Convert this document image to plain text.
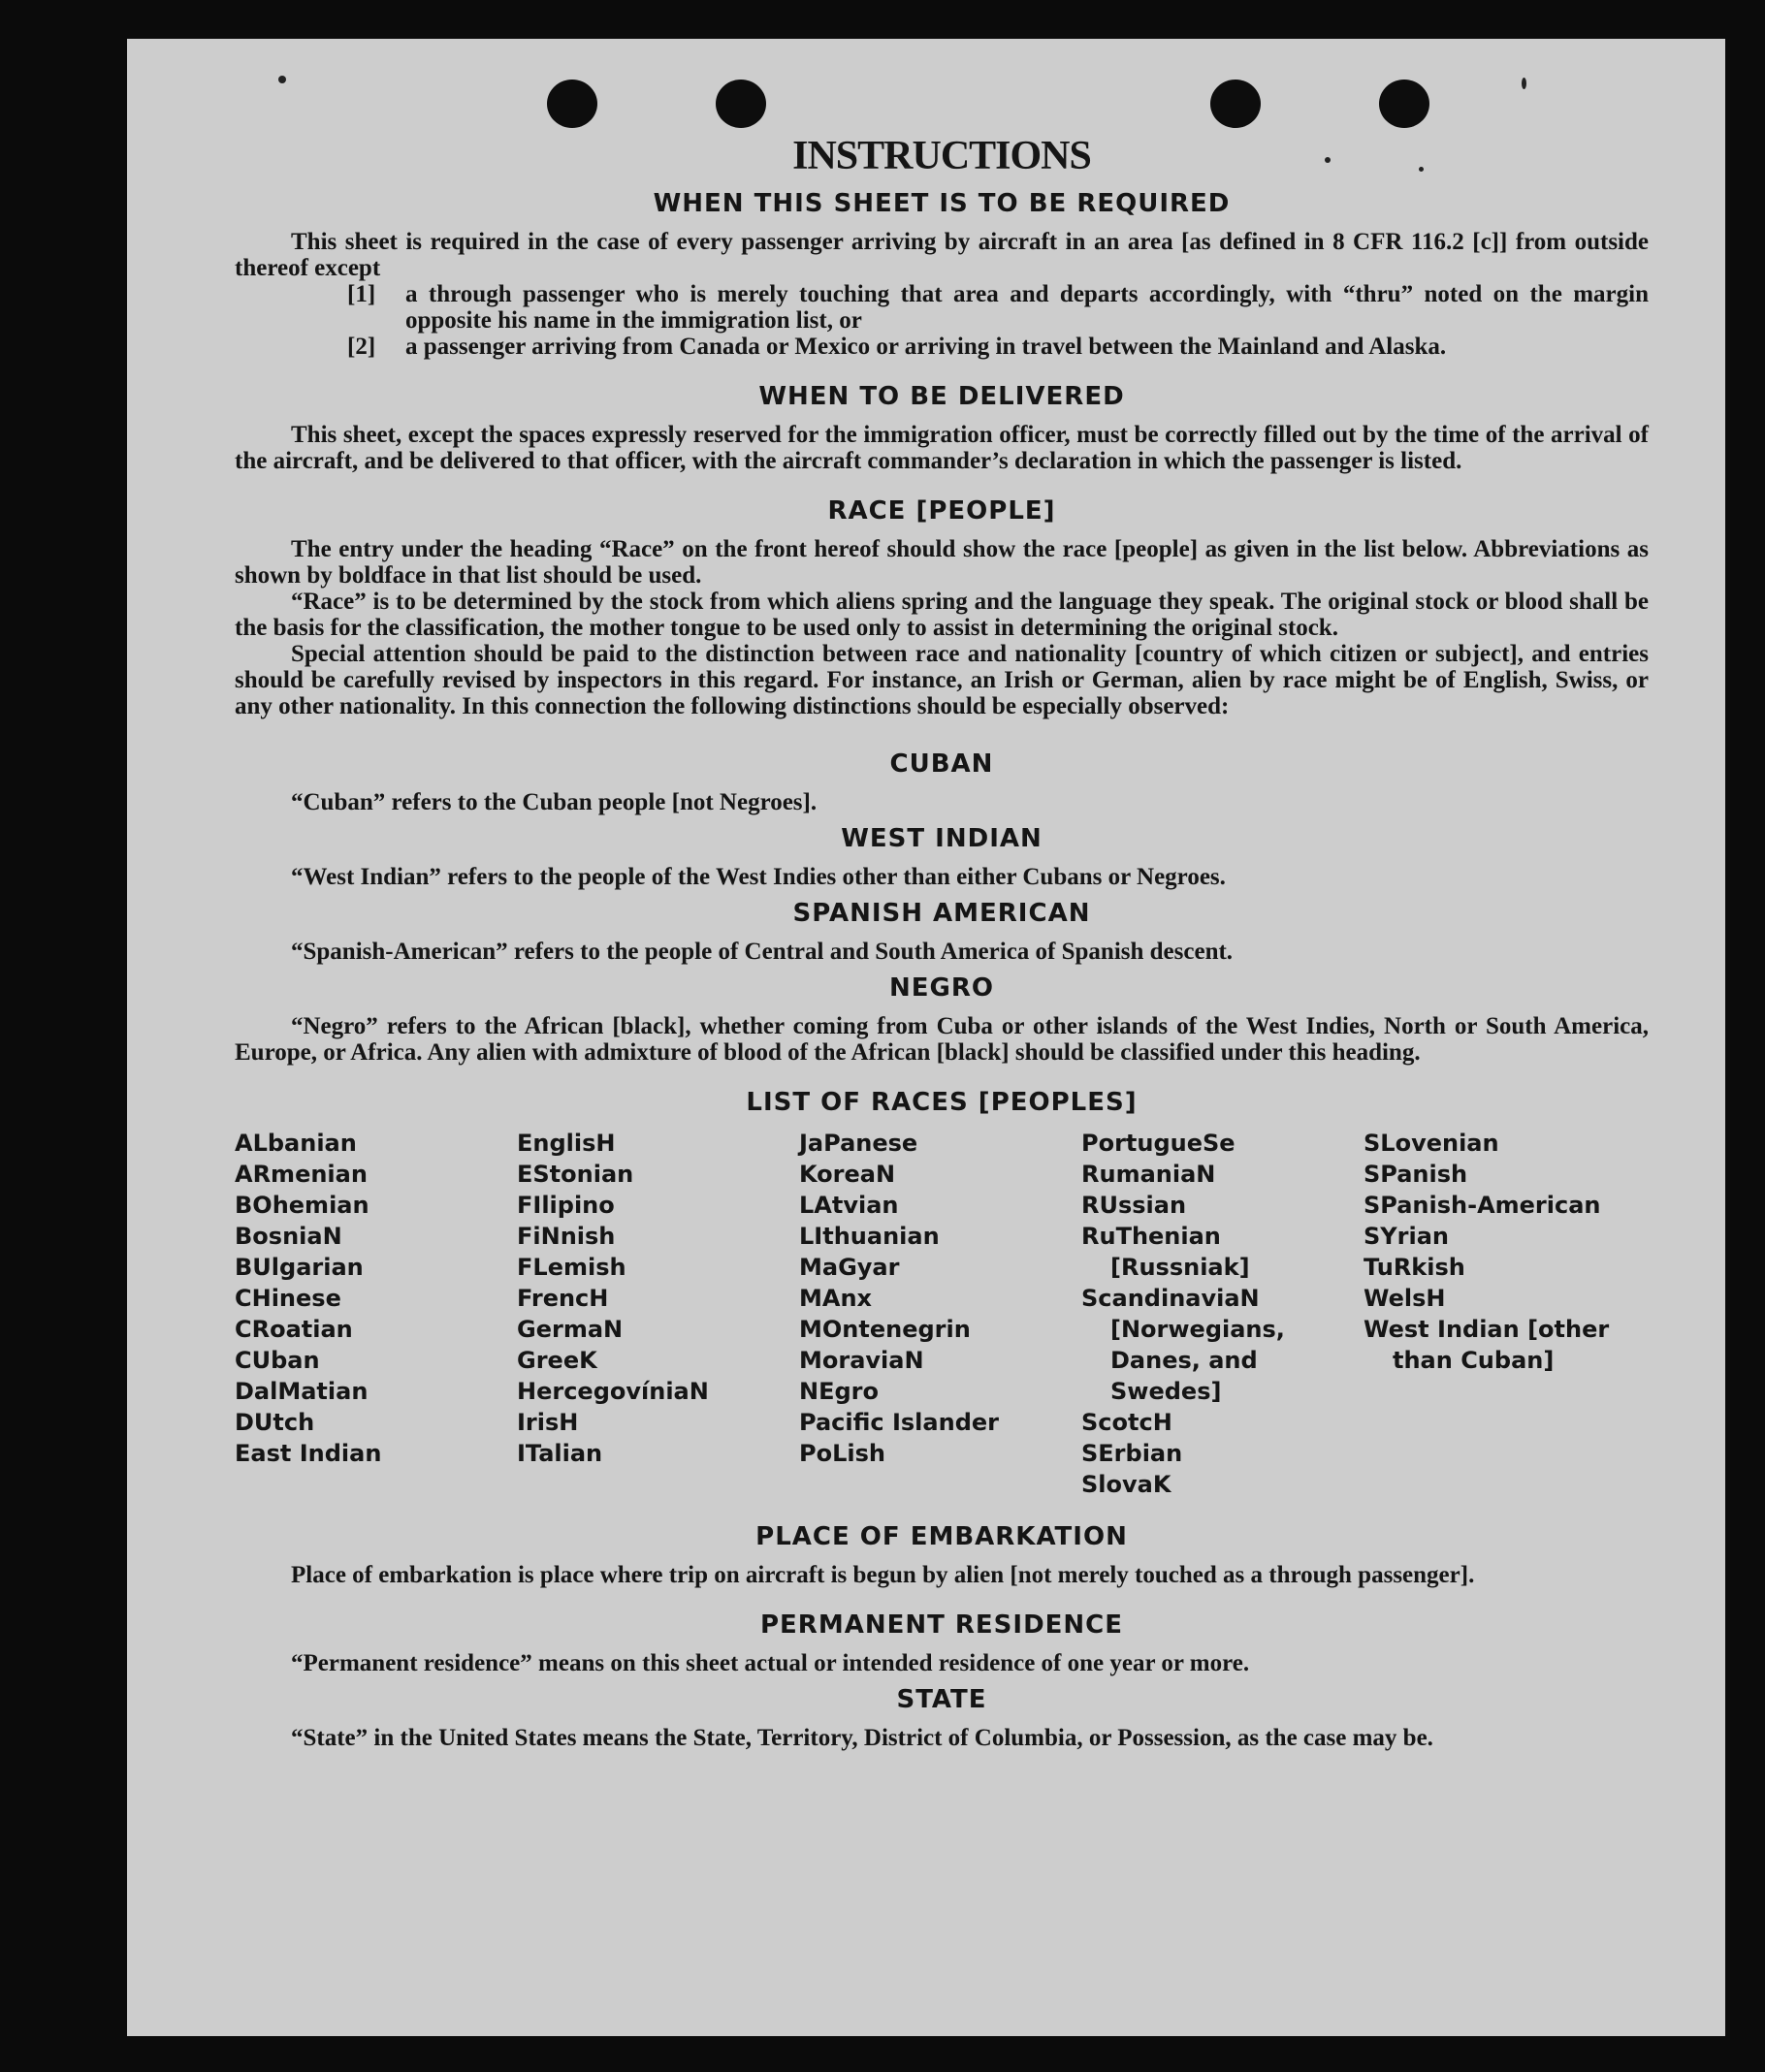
INSTRUCTIONS
WHEN THIS SHEET IS TO BE REQUIRED

This sheet is required in the case of every passenger arriving by aircraft in an area [as defined in 8 CFR 116.2 [c]] from outside thereof except

[1]	a through passenger who is merely touching that area and departs accordingly, with “thru” noted on the margin opposite his name in the immigration list, or
[2]	a passenger arriving from Canada or Mexico or arriving in travel between the Mainland and Alaska.
WHEN TO BE DELIVERED

This sheet, except the spaces expressly reserved for the immigration officer, must be correctly filled out by the time of the arrival of the aircraft, and be delivered to that officer, with the aircraft commander’s declaration in which the passenger is listed.

RACE [PEOPLE]

The entry under the heading “Race” on the front hereof should show the race [people] as given in the list below. Abbreviations as shown by boldface in that list should be used.

“Race” is to be determined by the stock from which aliens spring and the language they speak. The original stock or blood shall be the basis for the classification, the mother tongue to be used only to assist in determining the original stock.

Special attention should be paid to the distinction between race and nationality [country of which citizen or subject], and entries should be carefully revised by inspectors in this regard. For instance, an Irish or German, alien by race might be of English, Swiss, or any other nationality. In this connection the following distinctions should be especially observed:

CUBAN

“Cuban” refers to the Cuban people [not Negroes].

WEST INDIAN

“West Indian” refers to the people of the West Indies other than either Cubans or Negroes.

SPANISH AMERICAN

“Spanish-American” refers to the people of Central and South America of Spanish descent.

NEGRO

“Negro” refers to the African [black], whether coming from Cuba or other islands of the West Indies, North or South America, Europe, or Africa. Any alien with admixture of blood of the African [black] should be classified under this heading.

LIST OF RACES [PEOPLES]
ALbanian
ARmenian
BOhemian
BosniaN
BUlgarian
CHinese
CRoatian
CUban
DalMatian
DUtch
East Indian
EnglisH
EStonian
FIlipino
FiNnish
FLemish
FrencH
GermaN
GreeK
HercegovíniaN
IrisH
ITalian
JaPanese
KoreaN
LAtvian
LIthuanian
MaGyar
MAnx
MOntenegrin
MoraviaN
NEgro
Pacific Islander
PoLish
PortugueSe
RumaniaN
RUssian
RuThenian [Russniak]
ScandinaviaN [Norwegians, Danes, and Swedes]
ScotcH
SErbian
SlovaK
SLovenian
SPanish
SPanish-American
SYrian
TuRkish
WelsH
West Indian [other than Cuban]
PLACE OF EMBARKATION

Place of embarkation is place where trip on aircraft is begun by alien [not merely touched as a through passenger].

PERMANENT RESIDENCE

“Permanent residence” means on this sheet actual or intended residence of one year or more.

STATE

“State” in the United States means the State, Territory, District of Columbia, or Possession, as the case may be.
